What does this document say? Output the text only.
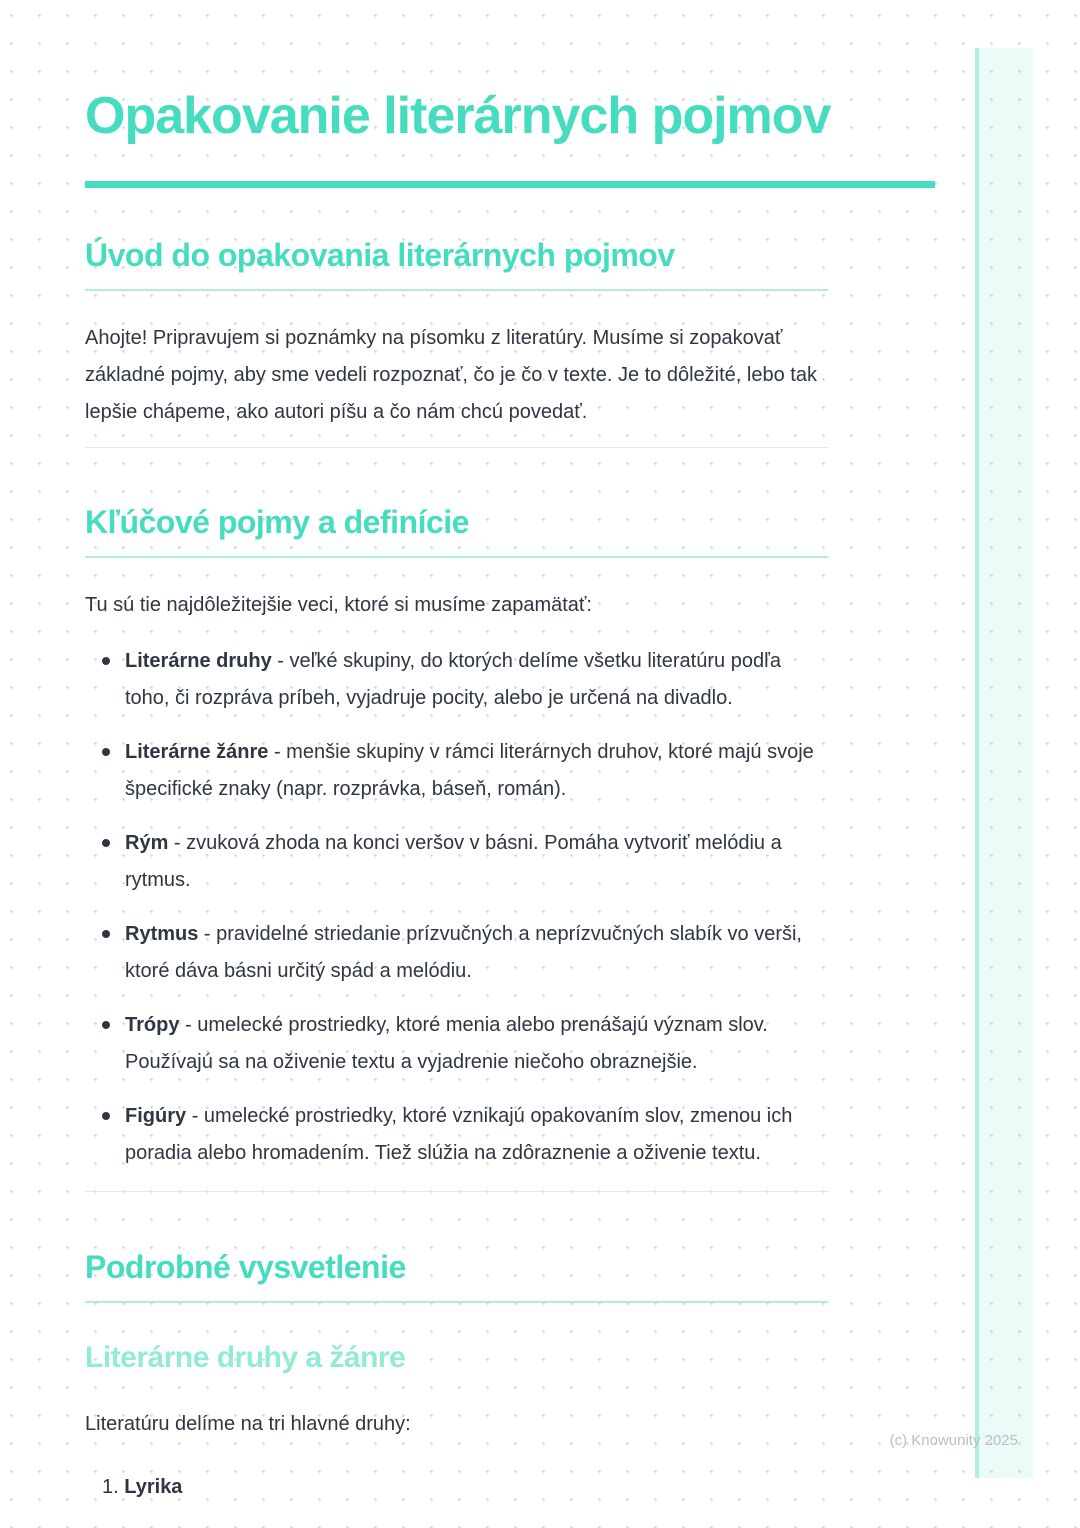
Opakovanie literárnych pojmov
Úvod do opakovania literárnych pojmov

Ahojte! Pripravujem si poznámky na písomku z literatúry. Musíme si zopakovať základné pojmy, aby sme vedeli rozpoznať, čo je čo v texte. Je to dôležité, lebo tak lepšie chápeme, ako autori píšu a čo nám chcú povedať.

Kľúčové pojmy a definície

Tu sú tie najdôležitejšie veci, ktoré si musíme zapamätať:

Literárne druhy - veľké skupiny, do ktorých delíme všetku literatúru podľa toho, či rozpráva príbeh, vyjadruje pocity, alebo je určená na divadlo.
Literárne žánre - menšie skupiny v rámci literárnych druhov, ktoré majú svoje špecifické znaky (napr. rozprávka, báseň, román).
Rým - zvuková zhoda na konci veršov v básni. Pomáha vytvoriť melódiu a rytmus.
Rytmus - pravidelné striedanie prízvučných a neprízvučných slabík vo verši, ktoré dáva básni určitý spád a melódiu.
Trópy - umelecké prostriedky, ktoré menia alebo prenášajú význam slov. Používajú sa na oživenie textu a vyjadrenie niečoho obraznejšie.
Figúry - umelecké prostriedky, ktoré vznikajú opakovaním slov, zmenou ich poradia alebo hromadením. Tiež slúžia na zdôraznenie a oživenie textu.
Podrobné vysvetlenie
Literárne druhy a žánre

Literatúru delíme na tri hlavné druhy:

1. Lyrika
(c) Knowunity 2025
